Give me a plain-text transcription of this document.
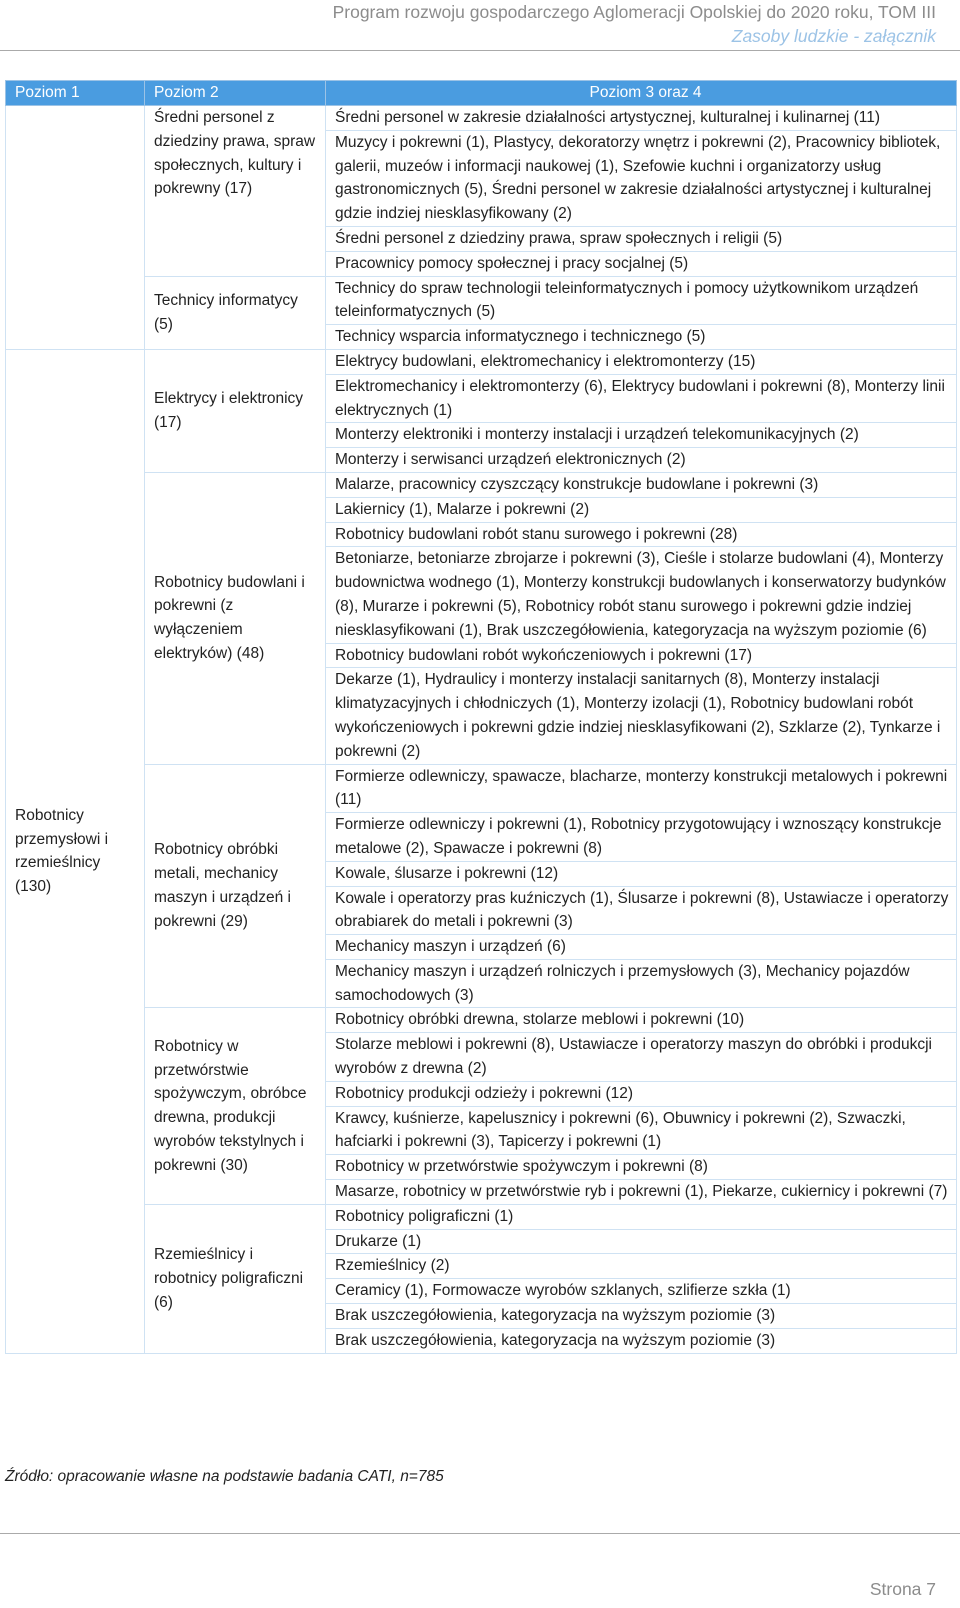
Program rozwoju gospodarczego Aglomeracji Opolskiej do 2020 roku, TOM III
Zasoby ludzkie - załącznik
Poziom 1	Poziom 2	Poziom 3 oraz 4
	Średni personel z dziedziny prawa, spraw społecznych, kultury i pokrewny (17)	Średni personel w zakresie działalności artystycznej, kulturalnej i kulinarnej (11)
		Muzycy i pokrewni (1), Plastycy, dekoratorzy wnętrz i pokrewni (2), Pracownicy bibliotek, galerii, muzeów i informacji naukowej (1), Szefowie kuchni i organizatorzy usług gastronomicznych (5), Średni personel w zakresie działalności artystycznej i kulturalnej gdzie indziej niesklasyfikowany (2)
		Średni personel z dziedziny prawa, spraw społecznych i religii (5)
		Pracownicy pomocy społecznej i pracy socjalnej (5)
	Technicy informatycy (5)	Technicy do spraw technologii teleinformatycznych i pomocy użytkownikom urządzeń teleinformatycznych (5)
		Technicy wsparcia informatycznego i technicznego (5)
Robotnicy przemysłowi i rzemieślnicy (130)	Elektrycy i elektronicy (17)	Elektrycy budowlani, elektromechanicy i elektromonterzy (15)
		Elektromechanicy i elektromonterzy (6), Elektrycy budowlani i pokrewni (8), Monterzy linii elektrycznych (1)
		Monterzy elektroniki i monterzy instalacji i urządzeń telekomunikacyjnych (2)
		Monterzy i serwisanci urządzeń elektronicznych (2)
	Robotnicy budowlani i pokrewni (z wyłączeniem elektryków) (48)	Malarze, pracownicy czyszczący konstrukcje budowlane i pokrewni (3)
		Lakiernicy (1), Malarze i pokrewni (2)
		Robotnicy budowlani robót stanu surowego i pokrewni (28)
		Betoniarze, betoniarze zbrojarze i pokrewni (3), Cieśle i stolarze budowlani (4), Monterzy budownictwa wodnego (1), Monterzy konstrukcji budowlanych i konserwatorzy budynków (8), Murarze i pokrewni (5), Robotnicy robót stanu surowego i pokrewni gdzie indziej niesklasyfikowani (1), Brak uszczegółowienia, kategoryzacja na wyższym poziomie (6)
		Robotnicy budowlani robót wykończeniowych i pokrewni (17)
		Dekarze (1), Hydraulicy i monterzy instalacji sanitarnych (8), Monterzy instalacji klimatyzacyjnych i chłodniczych (1), Monterzy izolacji (1), Robotnicy budowlani robót wykończeniowych i pokrewni gdzie indziej niesklasyfikowani (2), Szklarze (2), Tynkarze i pokrewni (2)
	Robotnicy obróbki metali, mechanicy maszyn i urządzeń i pokrewni (29)	Formierze odlewniczy, spawacze, blacharze, monterzy konstrukcji metalowych i pokrewni (11)
		Formierze odlewniczy i pokrewni (1), Robotnicy przygotowujący i wznoszący konstrukcje metalowe (2), Spawacze i pokrewni (8)
		Kowale, ślusarze i pokrewni (12)
		Kowale i operatorzy pras kuźniczych (1), Ślusarze i pokrewni (8), Ustawiacze i operatorzy obrabiarek do metali i pokrewni (3)
		Mechanicy maszyn i urządzeń (6)
		Mechanicy maszyn i urządzeń rolniczych i przemysłowych (3), Mechanicy pojazdów samochodowych (3)
	Robotnicy w przetwórstwie spożywczym, obróbce drewna, produkcji wyrobów tekstylnych i pokrewni (30)	Robotnicy obróbki drewna, stolarze meblowi i pokrewni (10)
		Stolarze meblowi i pokrewni (8), Ustawiacze i operatorzy maszyn do obróbki i produkcji wyrobów z drewna (2)
		Robotnicy produkcji odzieży i pokrewni (12)
		Krawcy, kuśnierze, kapelusznicy i pokrewni (6), Obuwnicy i pokrewni (2), Szwaczki, hafciarki i pokrewni (3), Tapicerzy i pokrewni (1)
		Robotnicy w przetwórstwie spożywczym i pokrewni (8)
		Masarze, robotnicy w przetwórstwie ryb i pokrewni (1), Piekarze, cukiernicy i pokrewni (7)
	Rzemieślnicy i robotnicy poligraficzni (6)	Robotnicy poligraficzni (1)
		Drukarze (1)
		Rzemieślnicy (2)
		Ceramicy (1), Formowacze wyrobów szklanych, szlifierze szkła (1)
		Brak uszczegółowienia, kategoryzacja na wyższym poziomie (3)
		Brak uszczegółowienia, kategoryzacja na wyższym poziomie (3)
Źródło: opracowanie własne na podstawie badania CATI, n=785
Strona 7
